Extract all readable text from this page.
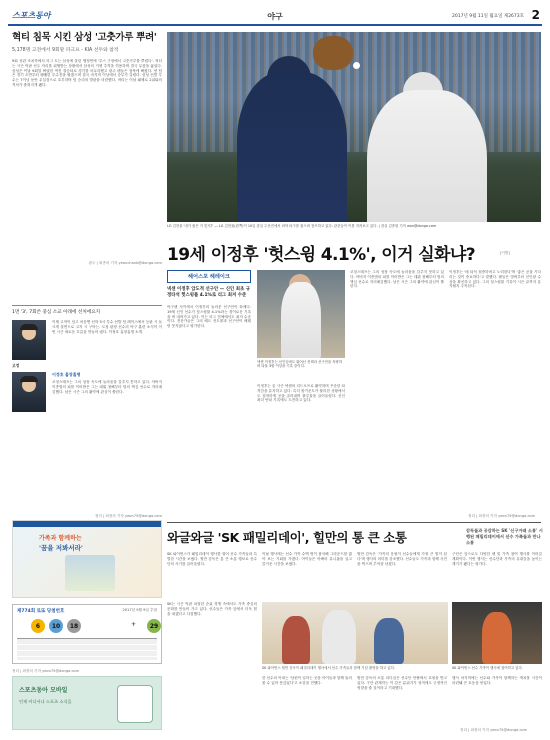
스포츠동아	야구	2017년 9월 11일 월요일 제2673호 2
혁티 침묵 시킨 삼성 '고춧가루 뿌려'
5,178명 고전에서 9회말 파크프 - KIA 선두와 참적
9회 상관 조치학에서 리그 트는 삼성에 홀린 행정연에 '투스 구장에서 고춧가루를 뿌렸다'. 혁티는 시즌 막판 선두 자리를 위협받는 상황에서 삼성의 거센 추격을 허용하며 결국 무릎을 꿇었다. 삼성은 이날 9회말 짜릿한 역전 결승타로 경기를 마무리했고 광주 팬들은 침묵에 빠졌다. 양 팀은 경기 초반부터 팽팽한 투수전을 펼쳤으며 결국 마지막 이닝에서 승부가 갈렸다. 삼성 선발 투수는 7이닝 동안 무실점으로 호투하며 팀 승리의 발판을 마련했다. 혁티는 이날 패배로 2위와의 격차가 좁혀지게 됐다.
광주 | 최종의 기자 yeonchanb@donga.com
1면 '3', 7회쓴 중심 소교 아래에 선처에요지
이제 고작이 임고 처음엔 선학 5시 투수 선발 팀 레이스에서 등판 시 들 크게 홀면으로 고지 시 구아는. 도청 판장 선수의 야구 훈련 소식이 이번 시즌 새로운 흐름을 만들어 냈다. 이정호 흡장흡명 소개.
고정
이정호 흡장흡명
코칭스태프는 그의 성장 속도에 놀라움을 감추지 못하고 있다. 아버지 이종범의 피를 이어받은 그는 데뷔 첫해부터 팀의 핵심 선수로 자리매김했다. 남은 시즌 그의 활약에 관심이 쏠린다.
정리 | 최정의 기자 yeon75@donga.com
가족과 함께하는
'꿈을 저봐서라'
제774회 로또 당첨번호	2017년 9월 9일 추첨
6	10	18	+	29
정리 | 최정의 기자 yeon75@donga.com
스포츠동아 모바일
언제 어디서나 스포츠 소식을
LG 김현율 '내가 잡은 거 맞지?' — LG 김현율(왼쪽)이 10일 잠실 두산전에서 외야 타구를 잡으려 점프하고 있다. 관중들이 이를 지켜보고 있다. | 잠실 김종원 기자 won@donga.com
19세 이정후 '헛스윙 4.1%', 이거 실화냐?	[이빨]
헤어스포 헤레이크
넥센 이정후 압도적 선구안 — 신인 최초 규정타석 헛스윙률 4.1%로 리그 최저 수준
야구팬 사이에서 이정후의 놀라운 선구안이 화제다. 19세 신인 선수가 헛스윙률 4.1%라는 경이로운 기록을 써 내려가고 있다. 이는 리그 전체에서도 최저 수준이다. 전문가들은 그의 배트 컨트롤과 선구안이 베테랑 못지않다고 평가한다.
넥센 이정후는 신인임에도 뛰어난 컨택과 선구안을 자랑하며 타율 3할 이상을 기록 중이다.
이정후는 올 시즌 넥센의 리드오프로 활약하며 꾸준한 타격감을 유지하고 있다. 특히 볼카운트가 불리한 상황에서도 침착하게 공을 골라내며 출루율을 끌어올렸다. 신인 최다 안타 기록에도 도전하고 있다.
코칭스태프는 그의 성장 속도에 놀라움을 감추지 못하고 있다. 아버지 이종범의 피를 이어받은 그는 데뷔 첫해부터 팀의 핵심 선수로 자리매김했다. 남은 시즌 그의 활약에 관심이 쏠린다.
이정후는 '매 타석 집중하려고 노력한다'며 '좋은 공을 기다리는 것이 중요하다'고 말했다. 팬들은 벌써부터 신인왕 수상을 확신하고 있다. 그의 헛스윙률 기록이 시즌 끝까지 유지될지 주목된다.
정리 | 최정의 기자 yeon75@donga.com
와글와글 'SK 패밀리데이', 힐만의 통 큰 소통	감독들과 공감하는 SK '신구거래 소통' 시행된 패밀리데이에서 선수 가족들과 만나 소통
SK 와이번스가 패밀리데이 행사를 열어 선수 가족들과 특별한 시간을 보냈다. 힐만 감독은 통 큰 소통 행보로 선수단의 사기를 끌어올렸다.
이날 행사에는 선수 가족 수백 명이 참석해 그라운드를 밟아 보는 기회를 가졌다. 아이들은 아빠의 유니폼을 입고 즐거운 시간을 보냈다.
힐만 감독은 '가족의 응원이 선수들에게 가장 큰 힘이 된다'며 행사의 의미를 강조했다. 선수들도 가족과 함께 사진을 찍으며 추억을 남겼다.
구단은 앞으로도 다양한 팬 및 가족 참여 행사를 이어갈 계획이다. 이번 행사는 선수단과 가족의 유대감을 높이는 계기가 됐다는 평가다.
SK는 시즌 막판 치열한 순위 경쟁 속에서도 가족 중심의 문화를 만들어 가고 있다. 선수들은 가족 앞에서 더욱 힘을 내겠다고 다짐했다.
SK 와이번스 힐만 감독이 패밀리데이 행사에서 선수 가족들과 함께 기념 촬영을 하고 있다.	SK 와이번스 선수 가족이 행사에 참여하고 있다.
한 선수의 아내는 '남편이 일하는 곳을 아이들과 함께 둘러볼 수 있어 뜻깊었다'고 소감을 전했다.
힐만 감독의 소통 리더십은 선수단 안팎에서 호평을 받고 있다. 구단 관계자는 이 같은 분위기가 성적에도 긍정적인 영향을 줄 것이라고 기대했다.
행사 마지막에는 선수와 가족이 함께하는 캐치볼 시간이 마련돼 큰 호응을 얻었다.
정리 | 최정의 기자 yeon75@donga.com
